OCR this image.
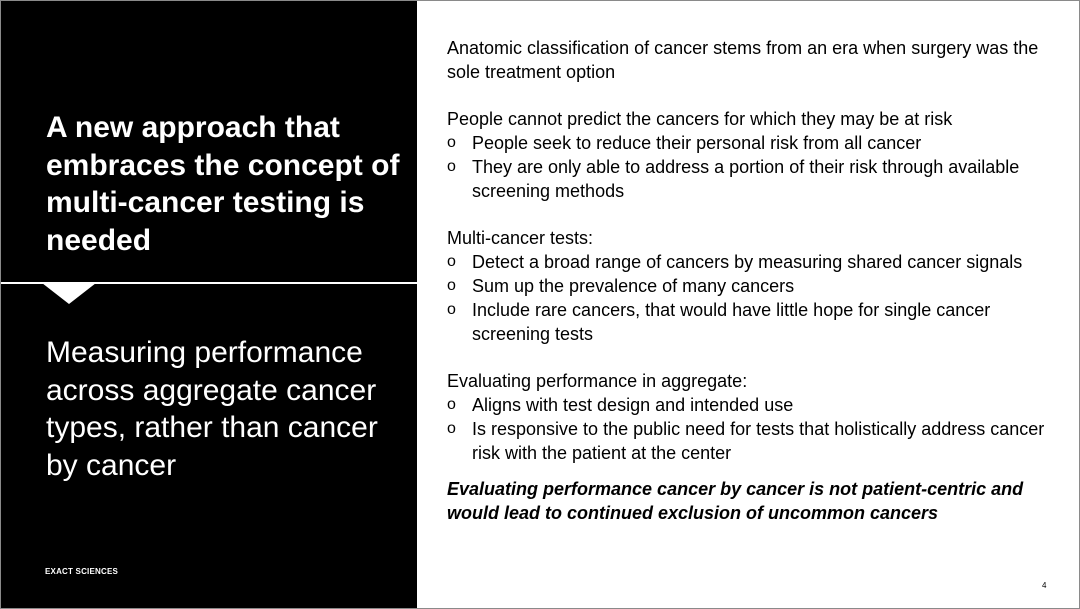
A new approach that embraces the concept of multi-cancer testing is needed

Measuring performance across aggregate cancer types, rather than cancer by cancer

EXACT SCIENCES

Anatomic classification of cancer stems from an era when surgery was the sole treatment option

People cannot predict the cancers for which they may be at risk

o People seek to reduce their personal risk from all cancer
o They are only able to address a portion of their risk through available screening methods

Multi-cancer tests:

o Detect a broad range of cancers by measuring shared cancer signals
o Sum up the prevalence of many cancers
o Include rare cancers, that would have little hope for single cancer screening tests

Evaluating performance in aggregate:

o Aligns with test design and intended use
o Is responsive to the public need for tests that holistically address cancer risk with the patient at the center

Evaluating performance cancer by cancer is not patient-centric and would lead to continued exclusion of uncommon cancers

4
